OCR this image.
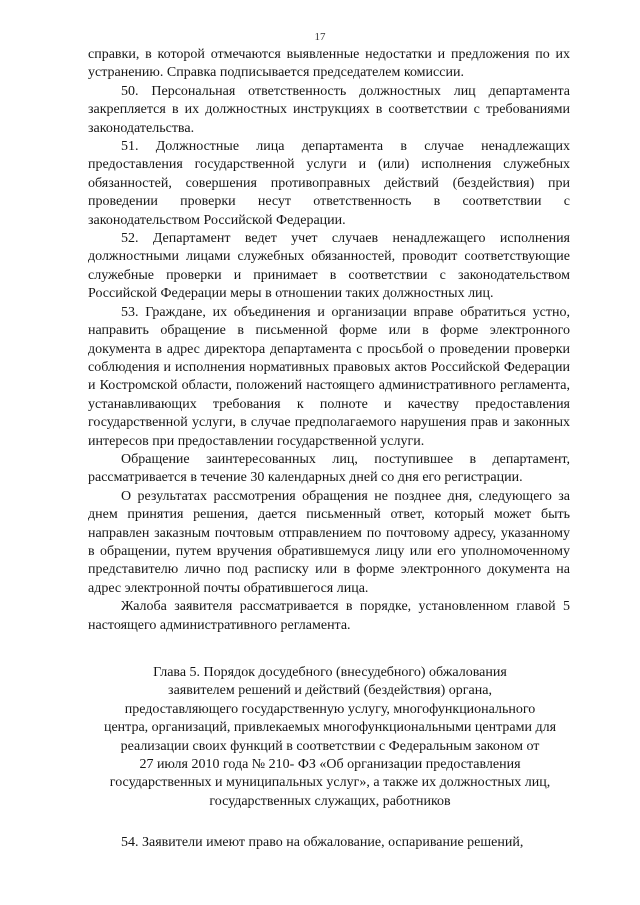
17

справки, в которой отмечаются выявленные недостатки и предложения по их устранению. Справка подписывается председателем комиссии.

50. Персональная ответственность должностных лиц департамента закрепляется в их должностных инструкциях в соответствии с требованиями законодательства.

51. Должностные лица департамента в случае ненадлежащих предоставления государственной услуги и (или) исполнения служебных обязанностей, совершения противоправных действий (бездействия) при проведении проверки несут ответственность в соответствии с законодательством Российской Федерации.

52. Департамент ведет учет случаев ненадлежащего исполнения должностными лицами служебных обязанностей, проводит соответствующие служебные проверки и принимает в соответствии с законодательством Российской Федерации меры в отношении таких должностных лиц.

53. Граждане, их объединения и организации вправе обратиться устно, направить обращение в письменной форме или в форме электронного документа в адрес директора департамента с просьбой о проведении проверки соблюдения и исполнения нормативных правовых актов Российской Федерации и Костромской области, положений настоящего административного регламента, устанавливающих требования к полноте и качеству предоставления государственной услуги, в случае предполагаемого нарушения прав и законных интересов при предоставлении государственной услуги.

Обращение заинтересованных лиц, поступившее в департамент, рассматривается в течение 30 календарных дней со дня его регистрации.

О результатах рассмотрения обращения не позднее дня, следующего за днем принятия решения, дается письменный ответ, который может быть направлен заказным почтовым отправлением по почтовому адресу, указанному в обращении, путем вручения обратившемуся лицу или его уполномоченному представителю лично под расписку или в форме электронного документа на адрес электронной почты обратившегося лица.

Жалоба заявителя рассматривается в порядке, установленном главой 5 настоящего административного регламента.

Глава 5. Порядок досудебного (внесудебного) обжалования

заявителем решений и действий (бездействия) органа,

предоставляющего государственную услугу, многофункционального

центра, организаций, привлекаемых многофункциональными центрами для

реализации своих функций в соответствии с Федеральным законом от

27 июля 2010 года № 210- ФЗ «Об организации предоставления

государственных и муниципальных услуг», а также их должностных лиц,

государственных служащих, работников

54. Заявители имеют право на обжалование, оспаривание решений,
